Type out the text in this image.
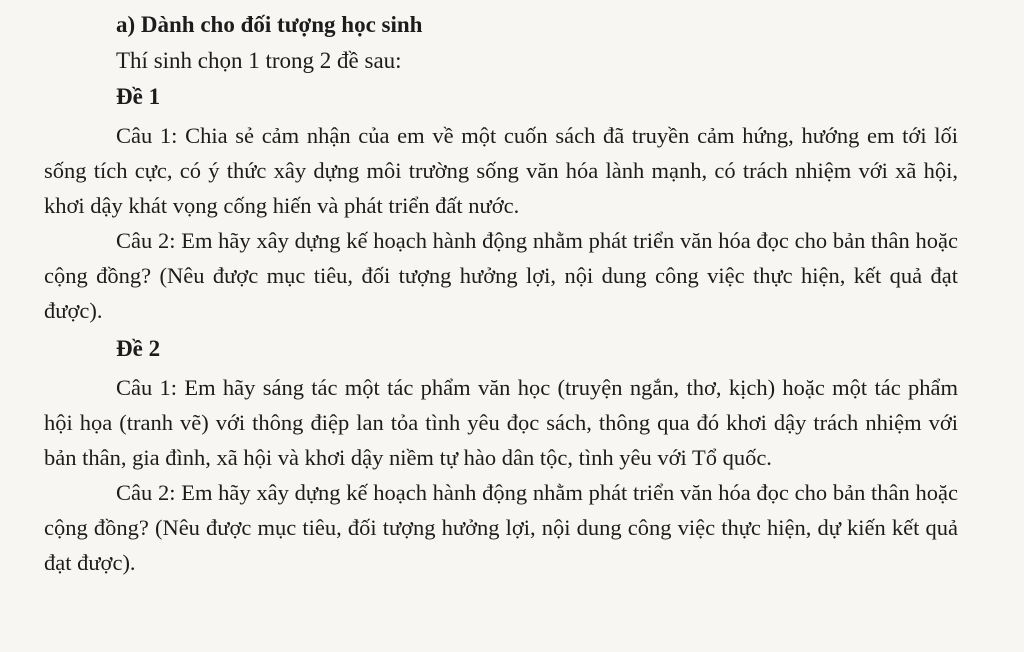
a) Dành cho đối tượng học sinh
Thí sinh chọn 1 trong 2 đề sau:
Đề 1

Câu 1: Chia sẻ cảm nhận của em về một cuốn sách đã truyền cảm hứng, hướng em tới lối sống tích cực, có ý thức xây dựng môi trường sống văn hóa lành mạnh, có trách nhiệm với xã hội, khơi dậy khát vọng cống hiến và phát triển đất nước.

Câu 2: Em hãy xây dựng kế hoạch hành động nhằm phát triển văn hóa đọc cho bản thân hoặc cộng đồng? (Nêu được mục tiêu, đối tượng hưởng lợi, nội dung công việc thực hiện, kết quả đạt được).

Đề 2

Câu 1: Em hãy sáng tác một tác phẩm văn học (truyện ngắn, thơ, kịch) hoặc một tác phẩm hội họa (tranh vẽ) với thông điệp lan tỏa tình yêu đọc sách, thông qua đó khơi dậy trách nhiệm với bản thân, gia đình, xã hội và khơi dậy niềm tự hào dân tộc, tình yêu với Tổ quốc.

Câu 2: Em hãy xây dựng kế hoạch hành động nhằm phát triển văn hóa đọc cho bản thân hoặc cộng đồng? (Nêu được mục tiêu, đối tượng hưởng lợi, nội dung công việc thực hiện, dự kiến kết quả đạt được).
